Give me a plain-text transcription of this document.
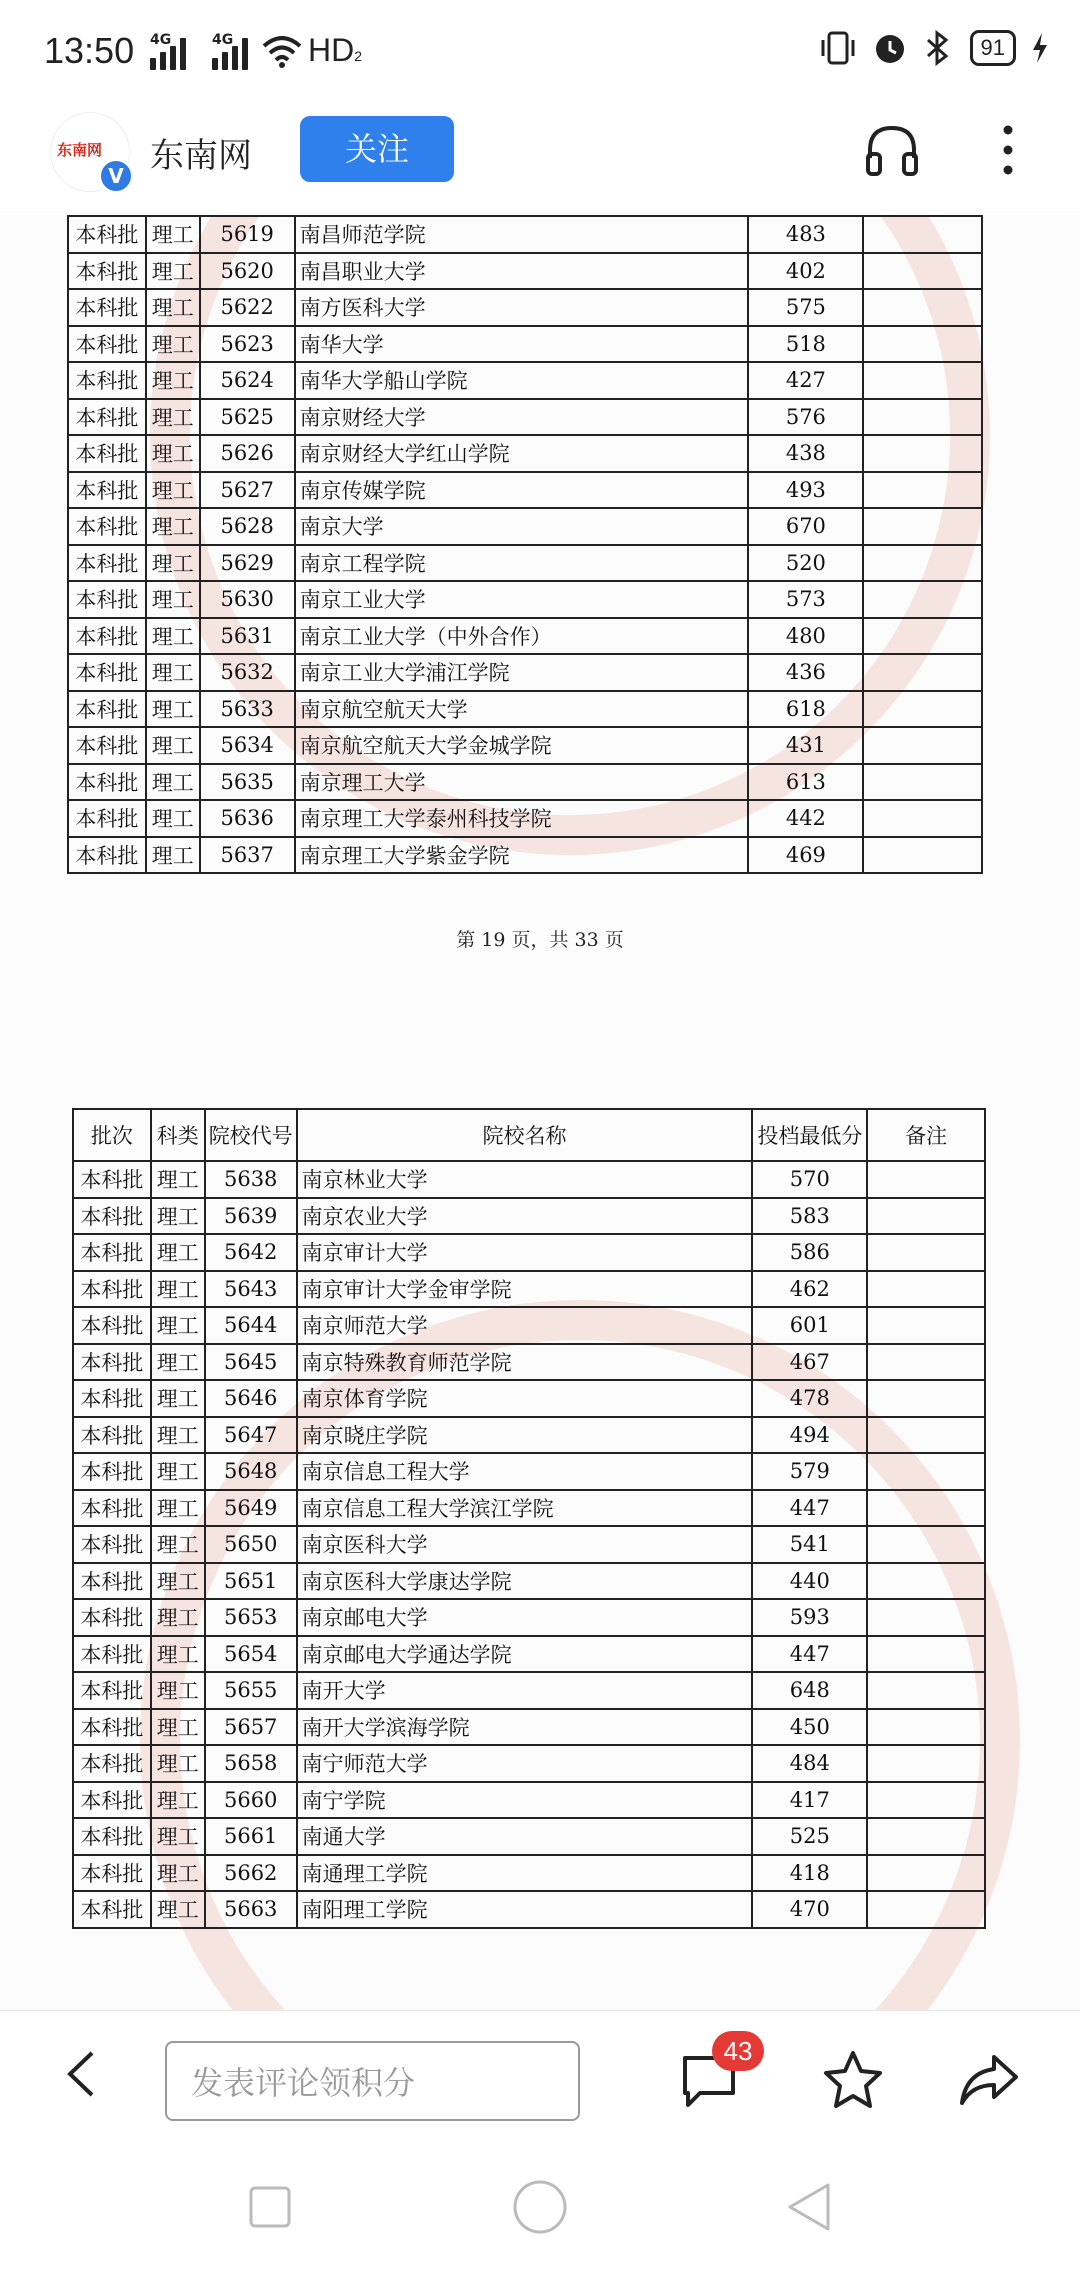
13:50 4G	4G HD2	91
东南网
V 东南网	关注
本科批	理工	5619	南昌师范学院	483	
本科批	理工	5620	南昌职业大学	402	
本科批	理工	5622	南方医科大学	575	
本科批	理工	5623	南华大学	518	
本科批	理工	5624	南华大学船山学院	427	
本科批	理工	5625	南京财经大学	576	
本科批	理工	5626	南京财经大学红山学院	438	
本科批	理工	5627	南京传媒学院	493	
本科批	理工	5628	南京大学	670	
本科批	理工	5629	南京工程学院	520	
本科批	理工	5630	南京工业大学	573	
本科批	理工	5631	南京工业大学（中外合作）	480	
本科批	理工	5632	南京工业大学浦江学院	436	
本科批	理工	5633	南京航空航天大学	618	
本科批	理工	5634	南京航空航天大学金城学院	431	
本科批	理工	5635	南京理工大学	613	
本科批	理工	5636	南京理工大学泰州科技学院	442	
本科批	理工	5637	南京理工大学紫金学院	469	
第 19 页，共 33 页
批次	科类	院校代号	院校名称	投档最低分	备注
本科批	理工	5638	南京林业大学	570	
本科批	理工	5639	南京农业大学	583	
本科批	理工	5642	南京审计大学	586	
本科批	理工	5643	南京审计大学金审学院	462	
本科批	理工	5644	南京师范大学	601	
本科批	理工	5645	南京特殊教育师范学院	467	
本科批	理工	5646	南京体育学院	478	
本科批	理工	5647	南京晓庄学院	494	
本科批	理工	5648	南京信息工程大学	579	
本科批	理工	5649	南京信息工程大学滨江学院	447	
本科批	理工	5650	南京医科大学	541	
本科批	理工	5651	南京医科大学康达学院	440	
本科批	理工	5653	南京邮电大学	593	
本科批	理工	5654	南京邮电大学通达学院	447	
本科批	理工	5655	南开大学	648	
本科批	理工	5657	南开大学滨海学院	450	
本科批	理工	5658	南宁师范大学	484	
本科批	理工	5660	南宁学院	417	
本科批	理工	5661	南通大学	525	
本科批	理工	5662	南通理工学院	418	
本科批	理工	5663	南阳理工学院	470	
发表评论领积分
43
